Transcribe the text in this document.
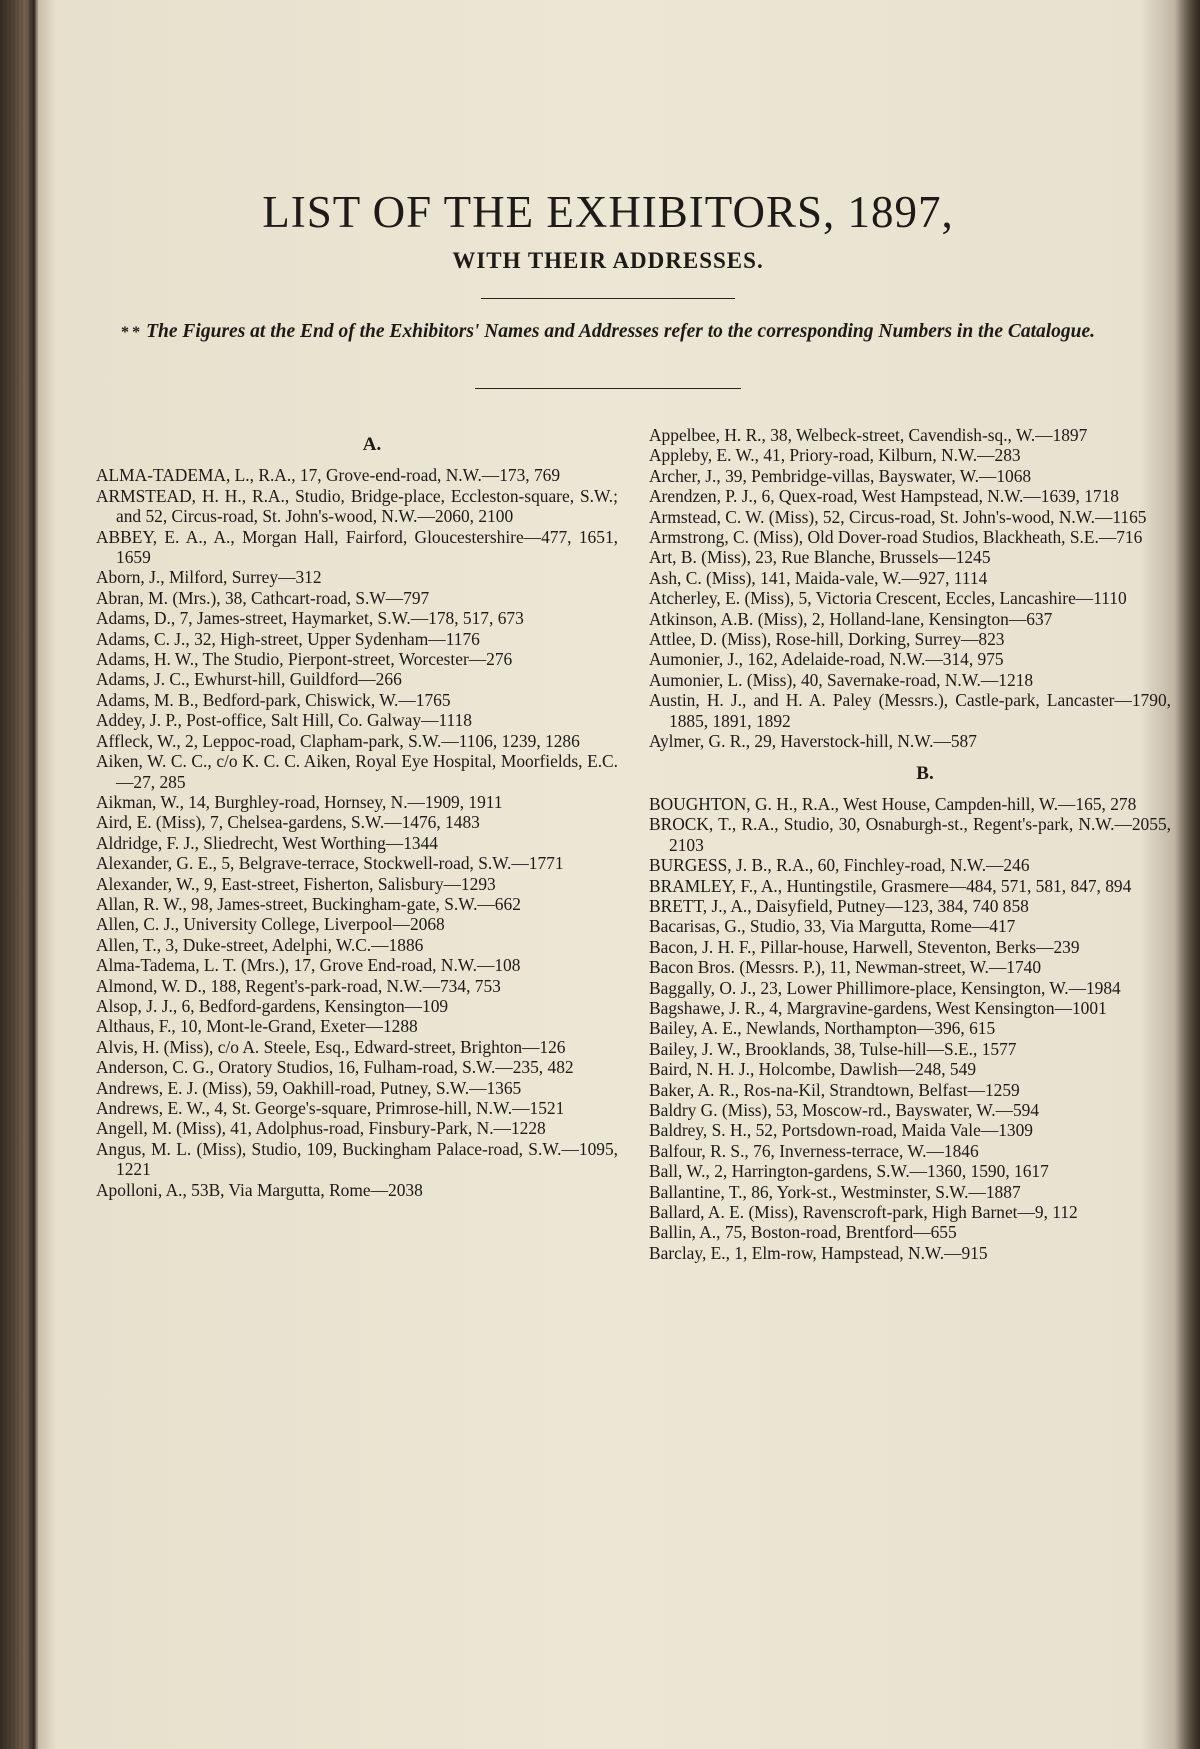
LIST OF THE EXHIBITORS, 1897,
WITH THEIR ADDRESSES.
* * The Figures at the End of the Exhibitors' Names and Addresses refer to the corresponding Numbers in the Catalogue.
A.

ALMA-TADEMA, L., R.A., 17, Grove-end-road, N.W.—173, 769

ARMSTEAD, H. H., R.A., Studio, Bridge-place, Eccleston-square, S.W.; and 52, Circus-road, St. John's-wood, N.W.—2060, 2100

ABBEY, E. A., A., Morgan Hall, Fairford, Gloucestershire—477, 1651, 1659

Aborn, J., Milford, Surrey—312

Abran, M. (Mrs.), 38, Cathcart-road, S.W—797

Adams, D., 7, James-street, Haymarket, S.W.—178, 517, 673

Adams, C. J., 32, High-street, Upper Sydenham—1176

Adams, H. W., The Studio, Pierpont-street, Worcester—276

Adams, J. C., Ewhurst-hill, Guildford—266

Adams, M. B., Bedford-park, Chiswick, W.—1765

Addey, J. P., Post-office, Salt Hill, Co. Galway—1118

Affleck, W., 2, Leppoc-road, Clapham-park, S.W.—1106, 1239, 1286

Aiken, W. C. C., c/o K. C. C. Aiken, Royal Eye Hospital, Moorfields, E.C.—27, 285

Aikman, W., 14, Burghley-road, Hornsey, N.—1909, 1911

Aird, E. (Miss), 7, Chelsea-gardens, S.W.—1476, 1483

Aldridge, F. J., Sliedrecht, West Worthing—1344

Alexander, G. E., 5, Belgrave-terrace, Stockwell-road, S.W.—1771

Alexander, W., 9, East-street, Fisherton, Salisbury—1293

Allan, R. W., 98, James-street, Buckingham-gate, S.W.—662

Allen, C. J., University College, Liverpool—2068

Allen, T., 3, Duke-street, Adelphi, W.C.—1886

Alma-Tadema, L. T. (Mrs.), 17, Grove End-road, N.W.—108

Almond, W. D., 188, Regent's-park-road, N.W.—734, 753

Alsop, J. J., 6, Bedford-gardens, Kensington—109

Althaus, F., 10, Mont-le-Grand, Exeter—1288

Alvis, H. (Miss), c/o A. Steele, Esq., Edward-street, Brighton—126

Anderson, C. G., Oratory Studios, 16, Fulham-road, S.W.—235, 482

Andrews, E. J. (Miss), 59, Oakhill-road, Putney, S.W.—1365

Andrews, E. W., 4, St. George's-square, Primrose-hill, N.W.—1521

Angell, M. (Miss), 41, Adolphus-road, Finsbury-Park, N.—1228

Angus, M. L. (Miss), Studio, 109, Buckingham Palace-road, S.W.—1095, 1221

Apolloni, A., 53B, Via Margutta, Rome—2038

Appelbee, H. R., 38, Welbeck-street, Cavendish-sq., W.—1897

Appleby, E. W., 41, Priory-road, Kilburn, N.W.—283

Archer, J., 39, Pembridge-villas, Bayswater, W.—1068

Arendzen, P. J., 6, Quex-road, West Hampstead, N.W.—1639, 1718

Armstead, C. W. (Miss), 52, Circus-road, St. John's-wood, N.W.—1165

Armstrong, C. (Miss), Old Dover-road Studios, Blackheath, S.E.—716

Art, B. (Miss), 23, Rue Blanche, Brussels—1245

Ash, C. (Miss), 141, Maida-vale, W.—927, 1114

Atcherley, E. (Miss), 5, Victoria Crescent, Eccles, Lancashire—1110

Atkinson, A.B. (Miss), 2, Holland-lane, Kensington—637

Attlee, D. (Miss), Rose-hill, Dorking, Surrey—823

Aumonier, J., 162, Adelaide-road, N.W.—314, 975

Aumonier, L. (Miss), 40, Savernake-road, N.W.—1218

Austin, H. J., and H. A. Paley (Messrs.), Castle-park, Lancaster—1790, 1885, 1891, 1892

Aylmer, G. R., 29, Haverstock-hill, N.W.—587

B.

BOUGHTON, G. H., R.A., West House, Campden-hill, W.—165, 278

BROCK, T., R.A., Studio, 30, Osnaburgh-st., Regent's-park, N.W.—2055, 2103

BURGESS, J. B., R.A., 60, Finchley-road, N.W.—246

BRAMLEY, F., A., Huntingstile, Grasmere—484, 571, 581, 847, 894

BRETT, J., A., Daisyfield, Putney—123, 384, 740 858

Bacarisas, G., Studio, 33, Via Margutta, Rome—417

Bacon, J. H. F., Pillar-house, Harwell, Steventon, Berks—239

Bacon Bros. (Messrs. P.), 11, Newman-street, W.—1740

Baggally, O. J., 23, Lower Phillimore-place, Kensington, W.—1984

Bagshawe, J. R., 4, Margravine-gardens, West Kensington—1001

Bailey, A. E., Newlands, Northampton—396, 615

Bailey, J. W., Brooklands, 38, Tulse-hill—S.E., 1577

Baird, N. H. J., Holcombe, Dawlish—248, 549

Baker, A. R., Ros-na-Kil, Strandtown, Belfast—1259

Baldry G. (Miss), 53, Moscow-rd., Bayswater, W.—594

Baldrey, S. H., 52, Portsdown-road, Maida Vale—1309

Balfour, R. S., 76, Inverness-terrace, W.—1846

Ball, W., 2, Harrington-gardens, S.W.—1360, 1590, 1617

Ballantine, T., 86, York-st., Westminster, S.W.—1887

Ballard, A. E. (Miss), Ravenscroft-park, High Barnet—9, 112

Ballin, A., 75, Boston-road, Brentford—655

Barclay, E., 1, Elm-row, Hampstead, N.W.—915
